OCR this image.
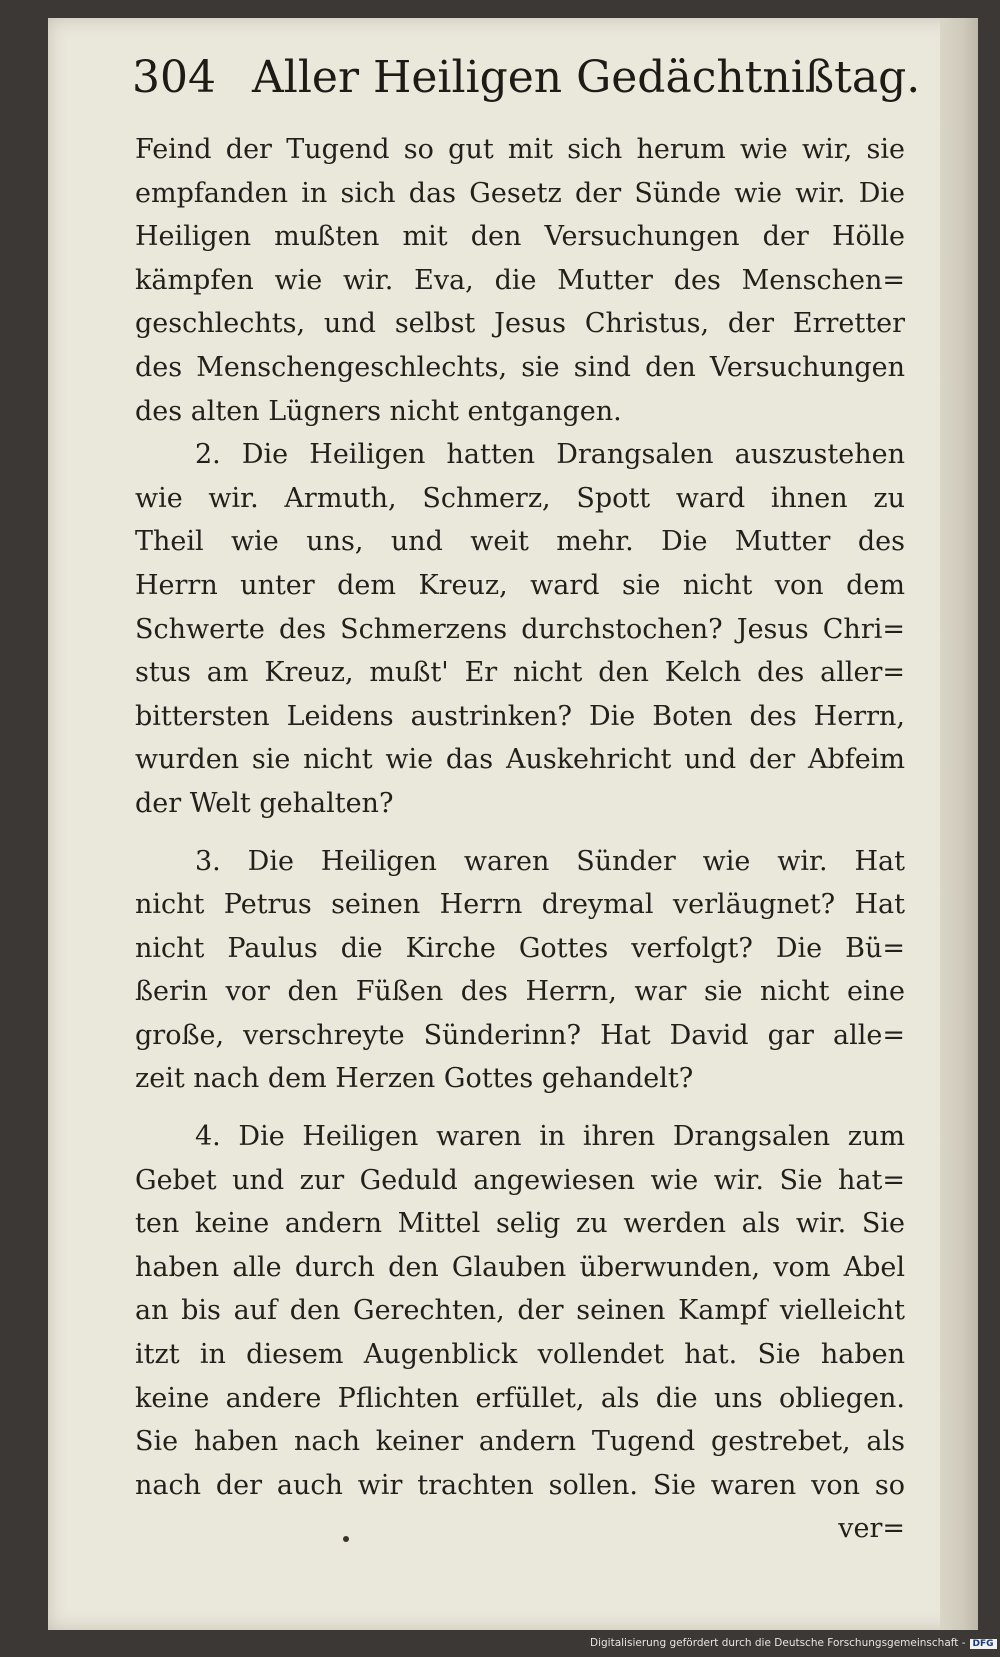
304 Aller Heiligen Gedächtnißtag.
Feind der Tugend so gut mit sich herum wie wir, sie
empfanden in sich das Gesetz der Sünde wie wir. Die
Heiligen mußten mit den Versuchungen der Hölle
kämpfen wie wir. Eva, die Mutter des Menschen=
geschlechts, und selbst Jesus Christus, der Erretter
des Menschengeschlechts, sie sind den Versuchungen
des alten Lügners nicht entgangen.
2. Die Heiligen hatten Drangsalen auszustehen
wie wir. Armuth, Schmerz, Spott ward ihnen zu
Theil wie uns, und weit mehr. Die Mutter des
Herrn unter dem Kreuz, ward sie nicht von dem
Schwerte des Schmerzens durchstochen? Jesus Chri=
stus am Kreuz, mußt' Er nicht den Kelch des aller=
bittersten Leidens austrinken? Die Boten des Herrn,
wurden sie nicht wie das Auskehricht und der Abfeim
der Welt gehalten?
3. Die Heiligen waren Sünder wie wir. Hat
nicht Petrus seinen Herrn dreymal verläugnet? Hat
nicht Paulus die Kirche Gottes verfolgt? Die Bü=
ßerin vor den Füßen des Herrn, war sie nicht eine
große, verschreyte Sünderinn? Hat David gar alle=
zeit nach dem Herzen Gottes gehandelt?
4. Die Heiligen waren in ihren Drangsalen zum
Gebet und zur Geduld angewiesen wie wir. Sie hat=
ten keine andern Mittel selig zu werden als wir. Sie
haben alle durch den Glauben überwunden, vom Abel
an bis auf den Gerechten, der seinen Kampf vielleicht
itzt in diesem Augenblick vollendet hat. Sie haben
keine andere Pflichten erfüllet, als die uns obliegen.
Sie haben nach keiner andern Tugend gestrebet, als
nach der auch wir trachten sollen. Sie waren von so
ver=
Digitalisierung gefördert durch die Deutsche Forschungsgemeinschaft - DFG
